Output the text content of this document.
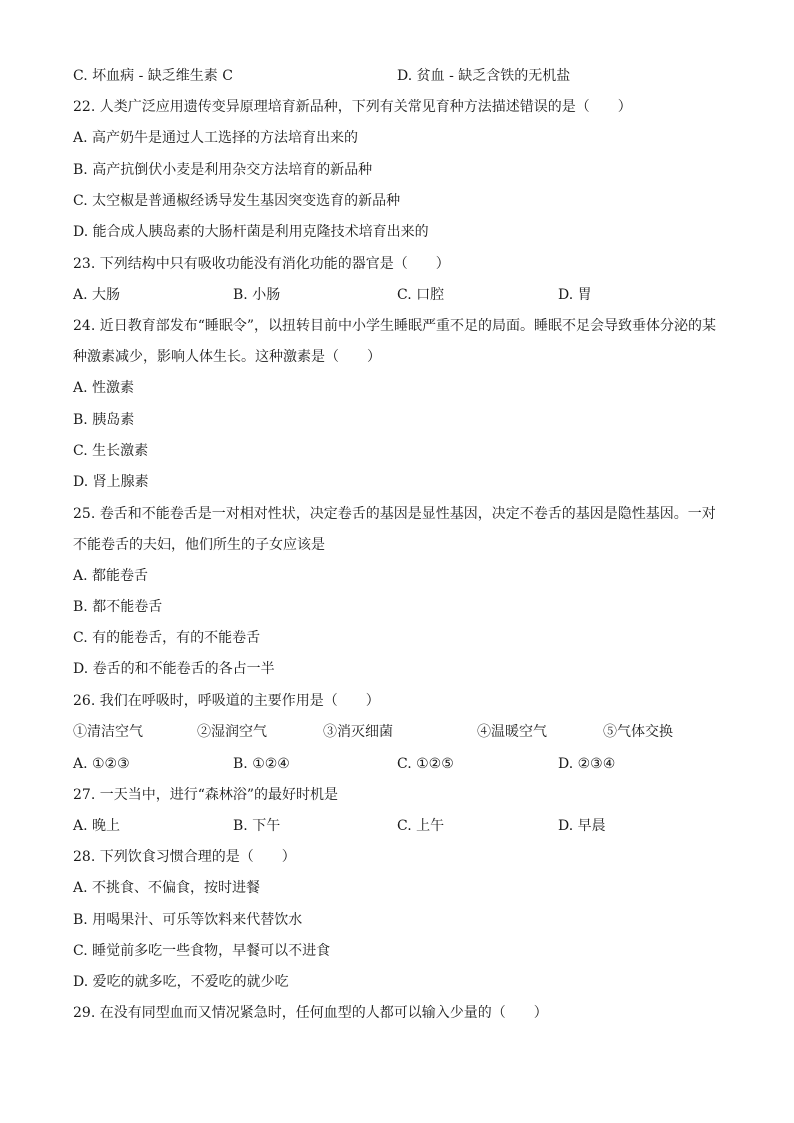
C. 坏血病 - 缺乏维生素 C	D. 贫血 - 缺乏含铁的无机盐
22. 人类广泛应用遗传变异原理培育新品种，下列有关常见育种方法描述错误的是（　　）
A. 高产奶牛是通过人工选择的方法培育出来的
B. 高产抗倒伏小麦是利用杂交方法培育的新品种
C. 太空椒是普通椒经诱导发生基因突变选育的新品种
D. 能合成人胰岛素的大肠杆菌是利用克隆技术培育出来的
23. 下列结构中只有吸收功能没有消化功能的器官是（　　）
A. 大肠	B. 小肠	C. 口腔	D. 胃
24. 近日教育部发布“睡眠令”，以扭转目前中小学生睡眠严重不足的局面。睡眠不足会导致垂体分泌的某
种激素减少，影响人体生长。这种激素是（　　）
A. 性激素
B. 胰岛素
C. 生长激素
D. 肾上腺素
25. 卷舌和不能卷舌是一对相对性状，决定卷舌的基因是显性基因，决定不卷舌的基因是隐性基因。一对
不能卷舌的夫妇，他们所生的子女应该是
A. 都能卷舌
B. 都不能卷舌
C. 有的能卷舌，有的不能卷舌
D. 卷舌的和不能卷舌的各占一半
26. 我们在呼吸时，呼吸道的主要作用是（　　）
①清洁空气	②湿润空气	③消灭细菌	④温暖空气	⑤气体交换
A. ①②③	B. ①②④	C. ①②⑤	D. ②③④
27. 一天当中，进行“森林浴”的最好时机是
A. 晚上	B. 下午	C. 上午	D. 早晨
28. 下列饮食习惯合理的是（　　）
A. 不挑食、不偏食，按时进餐
B. 用喝果汁、可乐等饮料来代替饮水
C. 睡觉前多吃一些食物，早餐可以不进食
D. 爱吃的就多吃，不爱吃的就少吃
29. 在没有同型血而又情况紧急时，任何血型的人都可以输入少量的（　　）
